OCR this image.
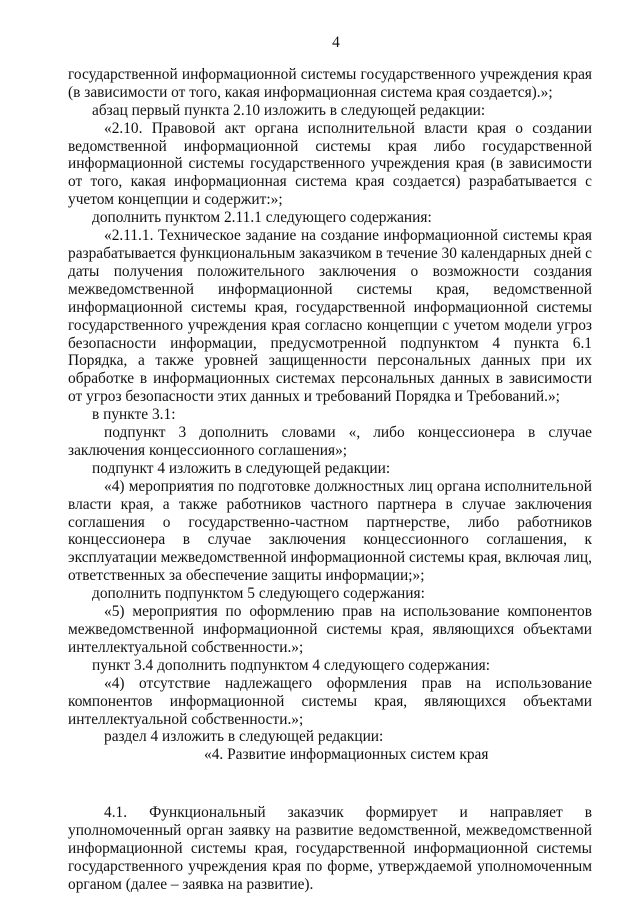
4

государственной информационной системы государственного учреждения края (в зависимости от того, какая информационная система края создается).»;

абзац первый пункта 2.10 изложить в следующей редакции:

«2.10. Правовой акт органа исполнительной власти края о создании ведомственной информационной системы края либо государственной информационной системы государственного учреждения края (в зависимости от того, какая информационная система края создается) разрабатывается с учетом концепции и содержит:»;

дополнить пунктом 2.11.1 следующего содержания:

«2.11.1. Техническое задание на создание информационной системы края разрабатывается функциональным заказчиком в течение 30 календарных дней с даты получения положительного заключения о возможности создания межведомственной информационной системы края, ведомственной информационной системы края, государственной информационной системы государственного учреждения края согласно концепции с учетом модели угроз безопасности информации, предусмотренной подпунктом 4 пункта 6.1 Порядка, а также уровней защищенности персональных данных при их обработке в информационных системах персональных данных в зависимости от угроз безопасности этих данных и требований Порядка и Требований.»;

в пункте 3.1:

подпункт 3 дополнить словами «, либо концессионера в случае заключения концессионного соглашения»;

подпункт 4 изложить в следующей редакции:

«4) мероприятия по подготовке должностных лиц органа исполнительной власти края, а также работников частного партнера в случае заключения соглашения о государственно-частном партнерстве, либо работников концессионера в случае заключения концессионного соглашения, к эксплуатации межведомственной информационной системы края, включая лиц, ответственных за обеспечение защиты информации;»;

дополнить подпунктом 5 следующего содержания:

«5) мероприятия по оформлению прав на использование компонентов межведомственной информационной системы края, являющихся объектами интеллектуальной собственности.»;

пункт 3.4 дополнить подпунктом 4 следующего содержания:

«4) отсутствие надлежащего оформления прав на использование компонентов информационной системы края, являющихся объектами интеллектуальной собственности.»;

раздел 4 изложить в следующей редакции:

«4. Развитие информационных систем края

4.1. Функциональный заказчик формирует и направляет в уполномоченный орган заявку на развитие ведомственной, межведомственной информационной системы края, государственной информационной системы государственного учреждения края по форме, утверждаемой уполномоченным органом (далее – заявка на развитие).
